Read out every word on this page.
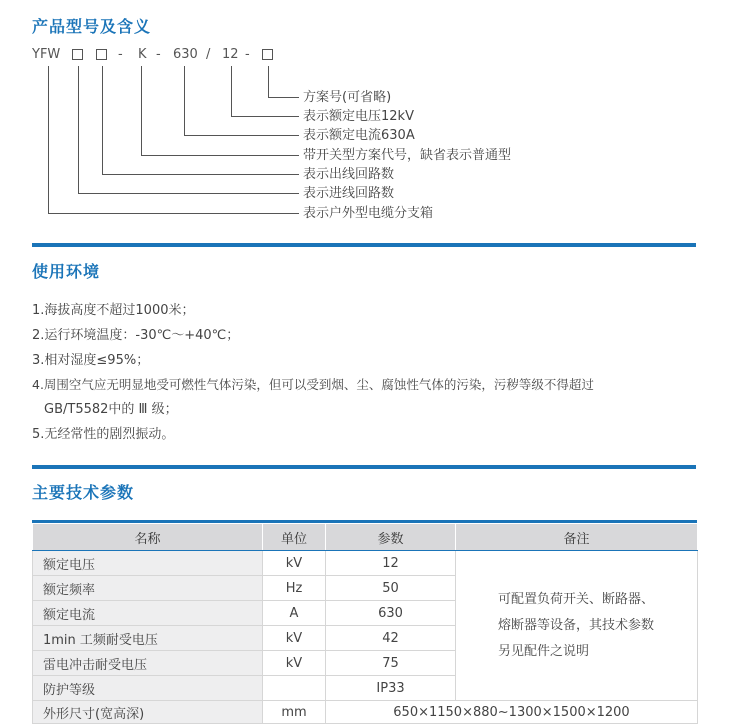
产品型号及含义
YFW	- K - 630 / 12 -
方案号(可省略)
表示额定电压12kV
表示额定电流630A
带开关型方案代号，缺省表示普通型
表示出线回路数
表示进线回路数
表示户外型电缆分支箱
使用环境
1.海拔高度不超过1000米；
2.运行环境温度：-30℃～+40℃；
3.相对湿度≤95%；
4.周围空气应无明显地受可燃性气体污染，但可以受到烟、尘、腐蚀性气体的污染，污秽等级不得超过
GB/T5582中的 Ⅲ 级；
5.无经常性的剧烈振动。
主要技术参数
名称	单位	参数	备注
额定电压	kV	12	可配置负荷开关、断路器、
熔断器等设备，其技术参数
另见配件之说明
额定频率	Hz	50	
额定电流	A	630	
1min 工频耐受电压	kV	42	
雷电冲击耐受电压	kV	75	
防护等级		IP33	
外形尺寸(宽高深)	mm	650×1150×880~1300×1500×1200	
